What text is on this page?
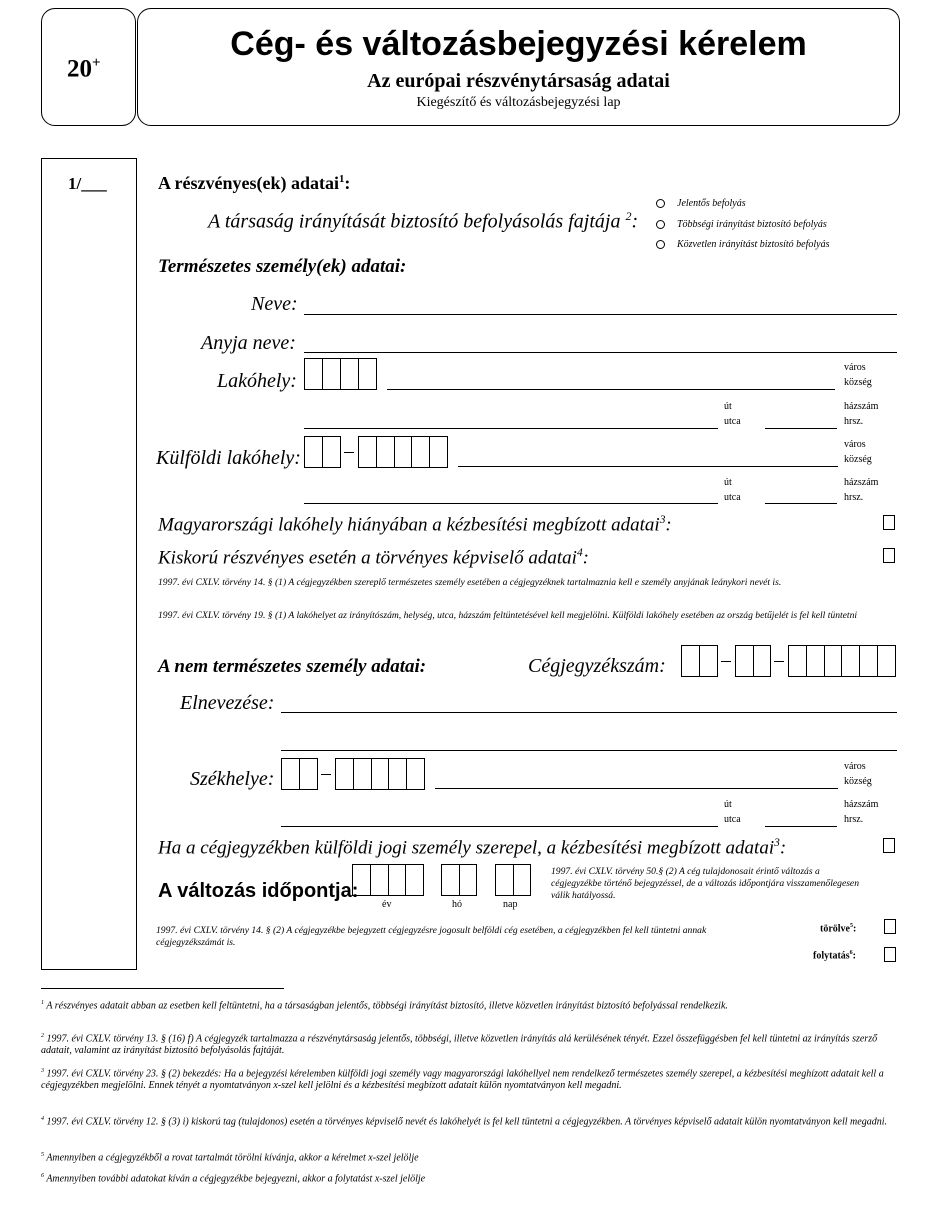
20+	Cég- és változásbejegyzési kérelem
Az európai részvénytársaság adatai
Kiegészítő és változásbejegyzési lap
1/___	A részvényes(ek) adatai$^1$:
A társaság irányítását biztosító befolyásolás fajtája $^2$:
Jelentős befolyás
Többségi irányítást biztosító befolyás
Közvetlen irányítást biztosító befolyás
Természetes személy(ek) adatai:
Neve:
Anyja neve:
Lakóhely:
város
község
út
utca
házszám
hrsz.
Külföldi lakóhely:
város
község
út
utca
házszám
hrsz.
Magyarországi lakóhely hiányában a kézbesítési megbízott adatai$^3$:
Kiskorú részvényes esetén a törvényes képviselő adatai$^4$:
1997. évi CXLV. törvény 14. § (1) A cégjegyzékben szereplő természetes személy esetében a cégjegyzéknek tartalmaznia kell e személy anyjának leánykori nevét is.
1997. évi CXLV. törvény 19. § (1) A lakóhelyet az irányítószám, helység, utca, házszám feltüntetésével kell megjelölni. Külföldi lakóhely esetében az ország betűjelét is fel kell tüntetni
A nem természetes személy adatai:	Cégjegyzékszám:
Elnevezése:
Székhelye:
város
község
út
utca
házszám
hrsz.
Ha a cégjegyzékben külföldi jogi személy szerepel, a kézbesítési megbízott adatai$^3$:
A változás időpontja:
év	hó	nap
1997. évi CXLV. törvény 50.§ (2) A cég tulajdonosait érintő változás a cégjegyzékbe történő bejegyzéssel, de a változás időpontjára visszamenőlegesen válik hatályossá.
1997. évi CXLV. törvény 14. § (2) A cégjegyzékbe bejegyzett cégjegyzésre jogosult belföldi cég esetében, a cégjegyzékben fel kell tüntetni annak cégjegyzékszámát is.
törölve$^5$:
folytatás$^6$:
$^1$ A részvényes adatait abban az esetben kell feltüntetni, ha a társaságban jelentős, többségi irányítást biztosító, illetve közvetlen irányítást biztosító befolyással rendelkezik.
$^2$ 1997. évi CXLV. törvény 13. § (16) f) A cégjegyzék tartalmazza a részvénytársaság jelentős, többségi, illetve közvetlen irányítás alá kerülésének tényét. Ezzel összefüggésben fel kell tüntetni az irányítás szerző adatait, valamint az irányítást biztosító befolyásolás fajtáját.
$^3$ 1997. évi CXLV. törvény 23. § (2) bekezdés: Ha a bejegyzési kérelemben külföldi jogi személy vagy magyarországi lakóhellyel nem rendelkező természetes személy szerepel, a kézbesítési meghízott adatait kell a cégjegyzékben megjelölni. Ennek tényét a nyomtatványon x-szel kell jelölni és a kézbesítési megbízott adatait külön nyomtatványon kell megadni.
$^4$ 1997. évi CXLV. törvény 12. § (3) i) kiskorú tag (tulajdonos) esetén a törvényes képviselő nevét és lakóhelyét is fel kell tüntetni a cégjegyzékben. A törvényes képviselő adatait külön nyomtatványon kell megadni.
$^5$ Amennyiben a cégjegyzékből a rovat tartalmát törölni kívánja, akkor a kérelmet x-szel jelölje
$^6$ Amennyiben további adatokat kíván a cégjegyzékbe bejegyezni, akkor a folytatást x-szel jelölje
